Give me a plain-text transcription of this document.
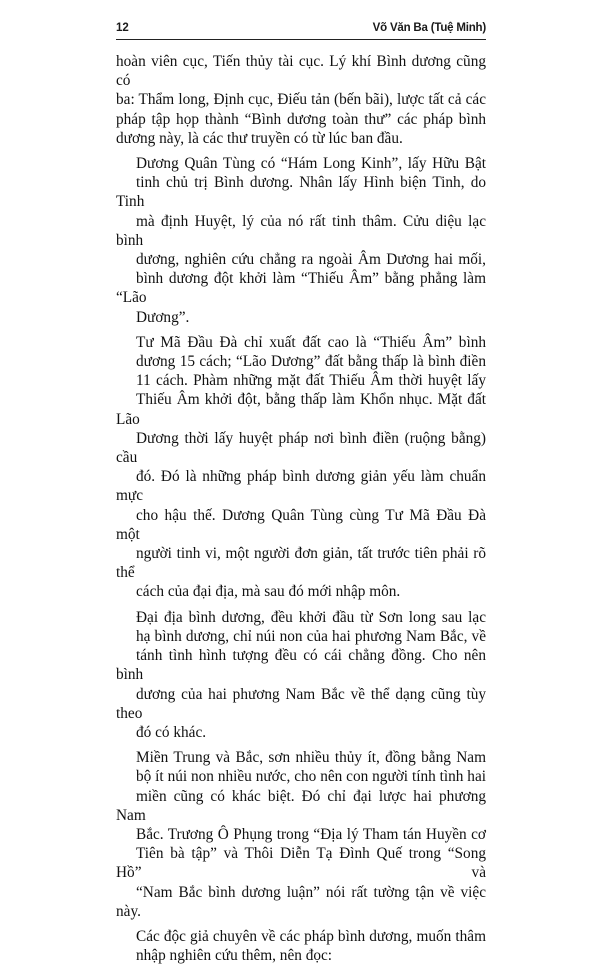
12	Võ Văn Ba (Tuệ Minh)

hoàn viên cục, Tiến thủy tài cục. Lý khí Bình dương cũng có
ba: Thẩm long, Định cục, Điếu tản (bến bãi), lược tất cả các
pháp tập họp thành “Bình dương toàn thư” các pháp bình
dương này, là các thư truyền có từ lúc ban đầu.

Dương Quân Tùng có “Hám Long Kinh”, lấy Hữu Bật
tinh chủ trị Bình dương. Nhân lấy Hình biện Tinh, do Tinh
mà định Huyệt, lý của nó rất tinh thâm. Cửu diệu lạc bình
dương, nghiên cứu chẳng ra ngoài Âm Dương hai mối,
bình dương đột khởi làm “Thiếu Âm” bằng phẳng làm “Lão
Dương”.

Tư Mã Đầu Đà chỉ xuất đất cao là “Thiếu Âm” bình
dương 15 cách; “Lão Dương” đất bằng thấp là bình điền
11 cách. Phàm những mặt đất Thiếu Âm thời huyệt lấy
Thiếu Âm khởi đột, bằng thấp làm Khổn nhục. Mặt đất Lão
Dương thời lấy huyệt pháp nơi bình điền (ruộng bằng) cầu
đó. Đó là những pháp bình dương giản yếu làm chuẩn mực
cho hậu thế. Dương Quân Tùng cùng Tư Mã Đầu Đà một
người tinh vi, một người đơn giản, tất trước tiên phải rõ thể
cách của đại địa, mà sau đó mới nhập môn.

Đại địa bình dương, đều khởi đầu từ Sơn long sau lạc
hạ bình dương, chỉ núi non của hai phương Nam Bắc, về
tánh tình hình tượng đều có cái chẳng đồng. Cho nên bình
dương của hai phương Nam Bắc về thể dạng cũng tùy theo
đó có khác.

Miền Trung và Bắc, sơn nhiều thủy ít, đồng bằng Nam
bộ ít núi non nhiều nước, cho nên con người tính tình hai
miền cũng có khác biệt. Đó chỉ đại lược hai phương Nam
Bắc. Trương Ô Phụng trong “Địa lý Tham tán Huyền cơ
Tiên bà tập” và Thôi Diễn Tạ Đình Quế trong “Song Hồ” và
“Nam Bắc bình dương luận” nói rất tường tận về việc này.

Các độc giả chuyên về các pháp bình dương, muốn thâm
nhập nghiên cứu thêm, nên đọc:
